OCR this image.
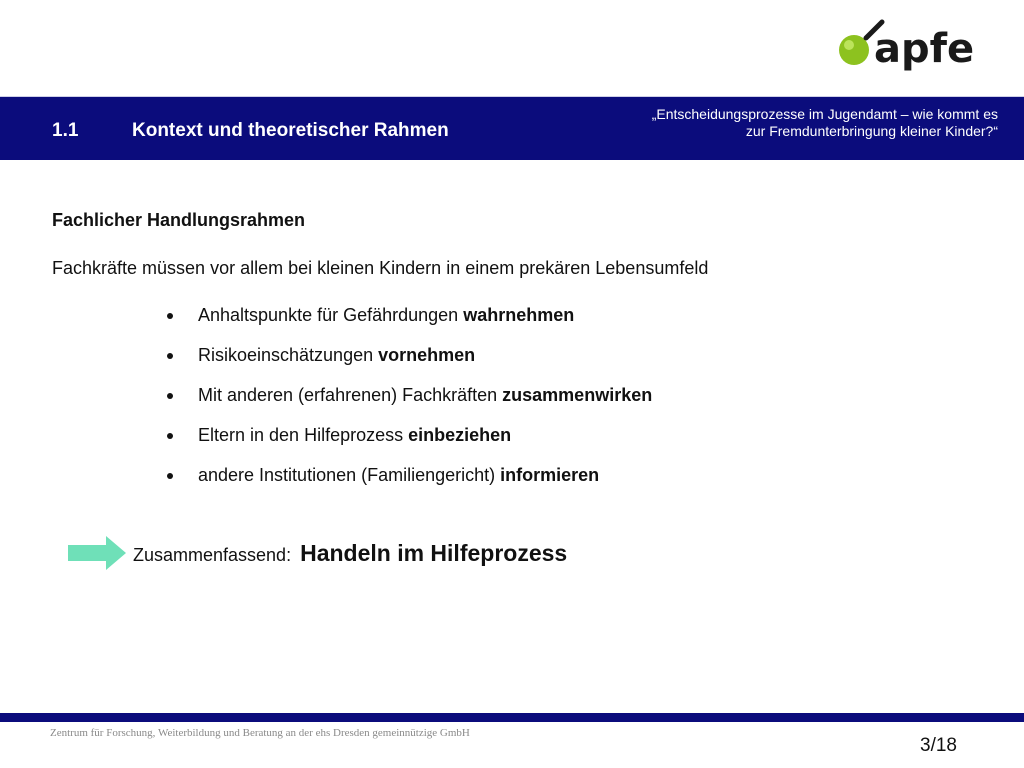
apfe
1.1	Kontext und theoretischer Rahmen
„Entscheidungsprozesse im Jugendamt – wie kommt es
zur Fremdunterbringung kleiner Kinder?“
Fachlicher Handlungsrahmen
Fachkräfte müssen vor allem bei kleinen Kindern in einem prekären Lebensumfeld
Anhaltspunkte für Gefährdungen wahrnehmen
Risikoeinschätzungen vornehmen
Mit anderen (erfahrenen) Fachkräften zusammenwirken
Eltern in den Hilfeprozess einbeziehen
andere Institutionen (Familiengericht) informieren
Zusammenfassend: Handeln im Hilfeprozess
Zentrum für Forschung, Weiterbildung und Beratung an der ehs Dresden gemeinnützige GmbH
3/18
